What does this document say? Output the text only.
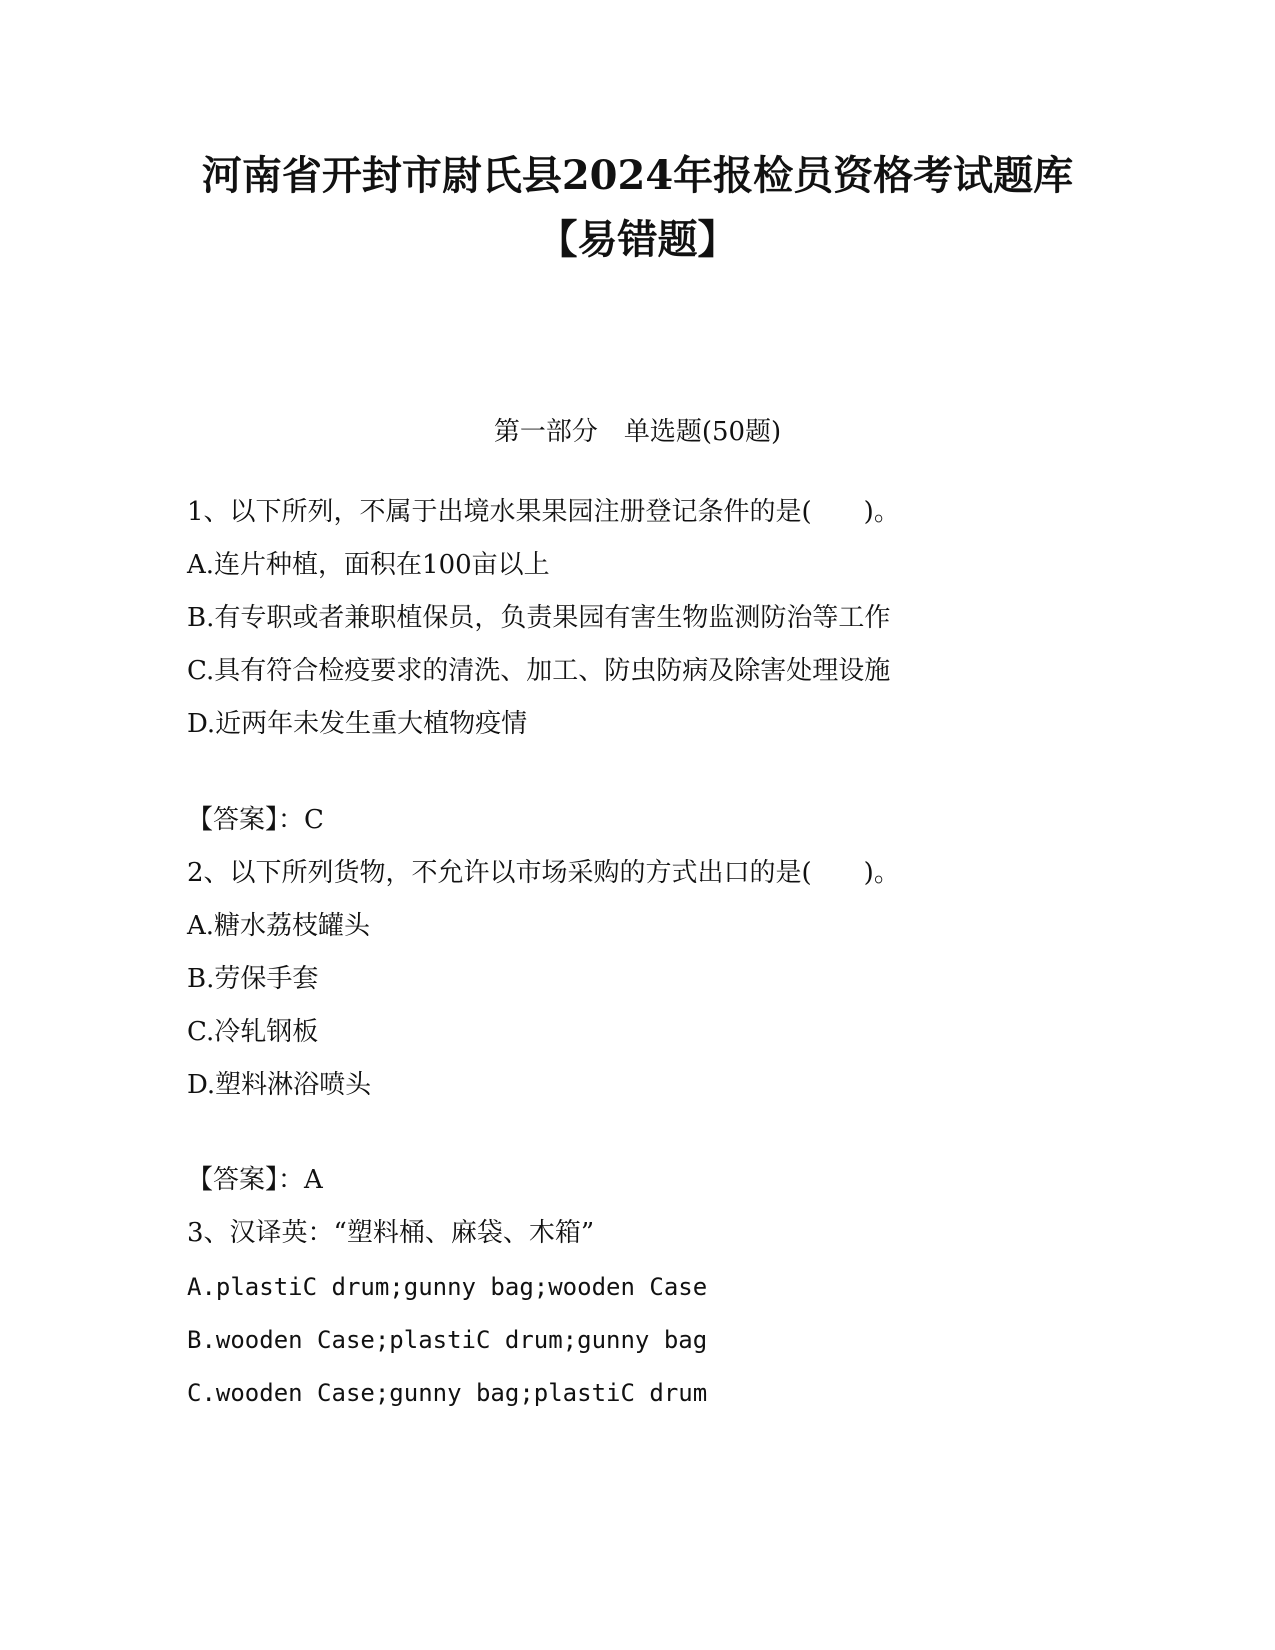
河南省开封市尉氏县2024年报检员资格考试题库
【易错题】
第一部分　单选题(50题)
1、以下所列，不属于出境水果果园注册登记条件的是(　　)。
A.连片种植，面积在100亩以上
B.有专职或者兼职植保员，负责果园有害生物监测防治等工作
C.具有符合检疫要求的清洗、加工、防虫防病及除害处理设施
D.近两年未发生重大植物疫情
【答案】：C
2、以下所列货物，不允许以市场采购的方式出口的是(　　)。
A.糖水荔枝罐头
B.劳保手套
C.冷轧钢板
D.塑料淋浴喷头
【答案】：A
3、汉译英：“塑料桶、麻袋、木箱”
A.plastiC drum;gunny bag;wooden Case
B.wooden Case;plastiC drum;gunny bag
C.wooden Case;gunny bag;plastiC drum
